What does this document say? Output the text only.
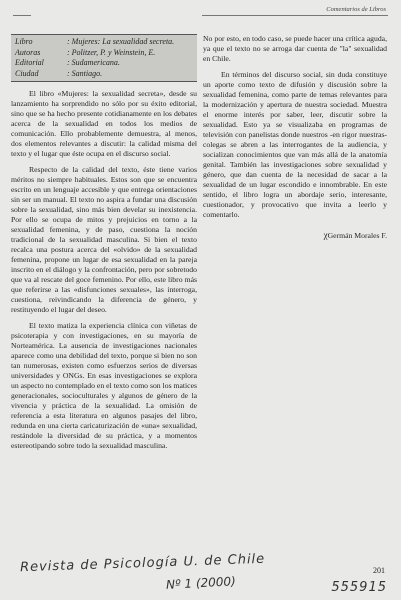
Comentarios de Libros
Libro	: Mujeres: La sexualidad secreta.
Autoras	: Politzer, P. y Weinstein, E.
Editorial	: Sudamericana.
Ciudad	: Santiago.

El libro «Mujeres: la sexualidad secreta», desde su lanzamiento ha sorprendido no sólo por su éxito editorial, sino que se ha hecho presente cotidianamente en los debates acerca de la sexualidad en todos los medios de comunicación. Ello probablemente demuestra, al menos, dos elementos relevantes a discutir: la calidad misma del texto y el lugar que éste ocupa en el discurso social.

Respecto de la calidad del texto, éste tiene varios méritos no siempre habituales. Estos son que se encuentra escrito en un lenguaje accesible y que entrega orientaciones sin ser un manual. El texto no aspira a fundar una discusión sobre la sexualidad, sino más bien develar su inexistencia. Por ello se ocupa de mitos y prejuicios en torno a la sexualidad femenina, y de paso, cuestiona la noción tradicional de la sexualidad masculina. Si bien el texto recalca una postura acerca del «olvido» de la sexualidad femenina, propone un lugar de esa sexualidad en la pareja inscrito en el diálogo y la confrontación, pero por sobretodo que va al rescate del goce femenino. Por ello, este libro más que referirse a las «disfunciones sexuales», las interroga, cuestiona, reivindicando la diferencia de género, y restituyendo el lugar del deseo.

El texto matiza la experiencia clínica con viñetas de psicoterapia y con investigaciones, en su mayoría de Norteamérica. La ausencia de investigaciones nacionales aparece como una debilidad del texto, porque si bien no son tan numerosas, existen como esfuerzos serios de diversas universidades y ONGs. En esas investigaciones se explora un aspecto no contemplado en el texto como son los matices generacionales, socioculturales y algunos de género de la vivencia y práctica de la sexualidad. La omisión de referencia a esta literatura en algunos pasajes del libro, redunda en una cierta caricaturización de «una» sexualidad, restándole la diversidad de su práctica, y a momentos estereotipando sobre todo la sexualidad masculina.

No por esto, en todo caso, se puede hacer una crítica aguda, ya que el texto no se arroga dar cuenta de "la" sexualidad en Chile.

En términos del discurso social, sin duda constituye un aporte como texto de difusión y discusión sobre la sexualidad femenina, como parte de temas relevantes para la modernización y apertura de nuestra sociedad. Muestra el enorme interés por saber, leer, discutir sobre la sexualidad. Esto ya se visualizaba en programas de televisión con panelistas donde nuestros -en rigor nuestras-colegas se abren a las interrogantes de la audiencia, y socializan conocimientos que van más allá de la anatomía genital. También las investigaciones sobre sexualidad y género, que dan cuenta de la necesidad de sacar a la sexualidad de un lugar escondido e innombrable. En este sentido, el libro logra un abordaje serio, interesante, cuestionador, y provocativo que invita a leerlo y comentarlo.

χGermán Morales F.
Revista de Psicología U. de Chile
Nº 1 (2000)
201
555915
